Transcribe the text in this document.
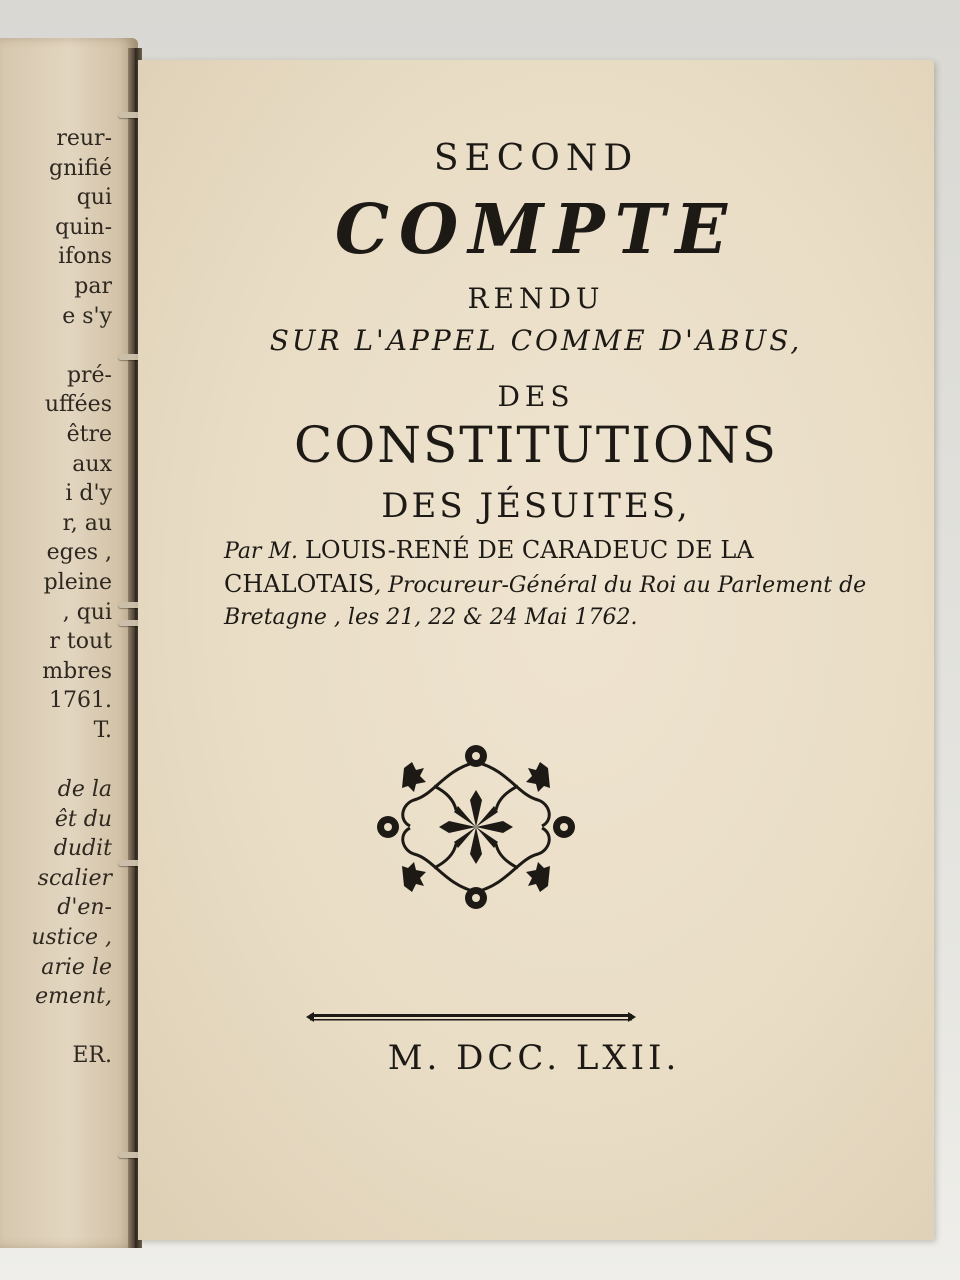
reur-
gnifié
qui
quin-
ifons
par
e s'y
pré-
uffées
être
aux
i d'y
r, au
eges ,
pleine
, qui
r tout
mbres
1761.
T.
de la
êt du
dudit
scalier
d'en-
ustice ,
arie le
ement,
ER.
SECOND
COMPTE
RENDU
SUR L'APPEL COMME D'ABUS,
DES
CONSTITUTIONS
DES JÉSUITES,
Par M. LOUIS-RENÉ DE CARADEUC DE LA CHALOTAIS, Procureur-Général du Roi au Parlement de Bretagne , les 21, 22 & 24 Mai 1762.
M. DCC. LXII.
